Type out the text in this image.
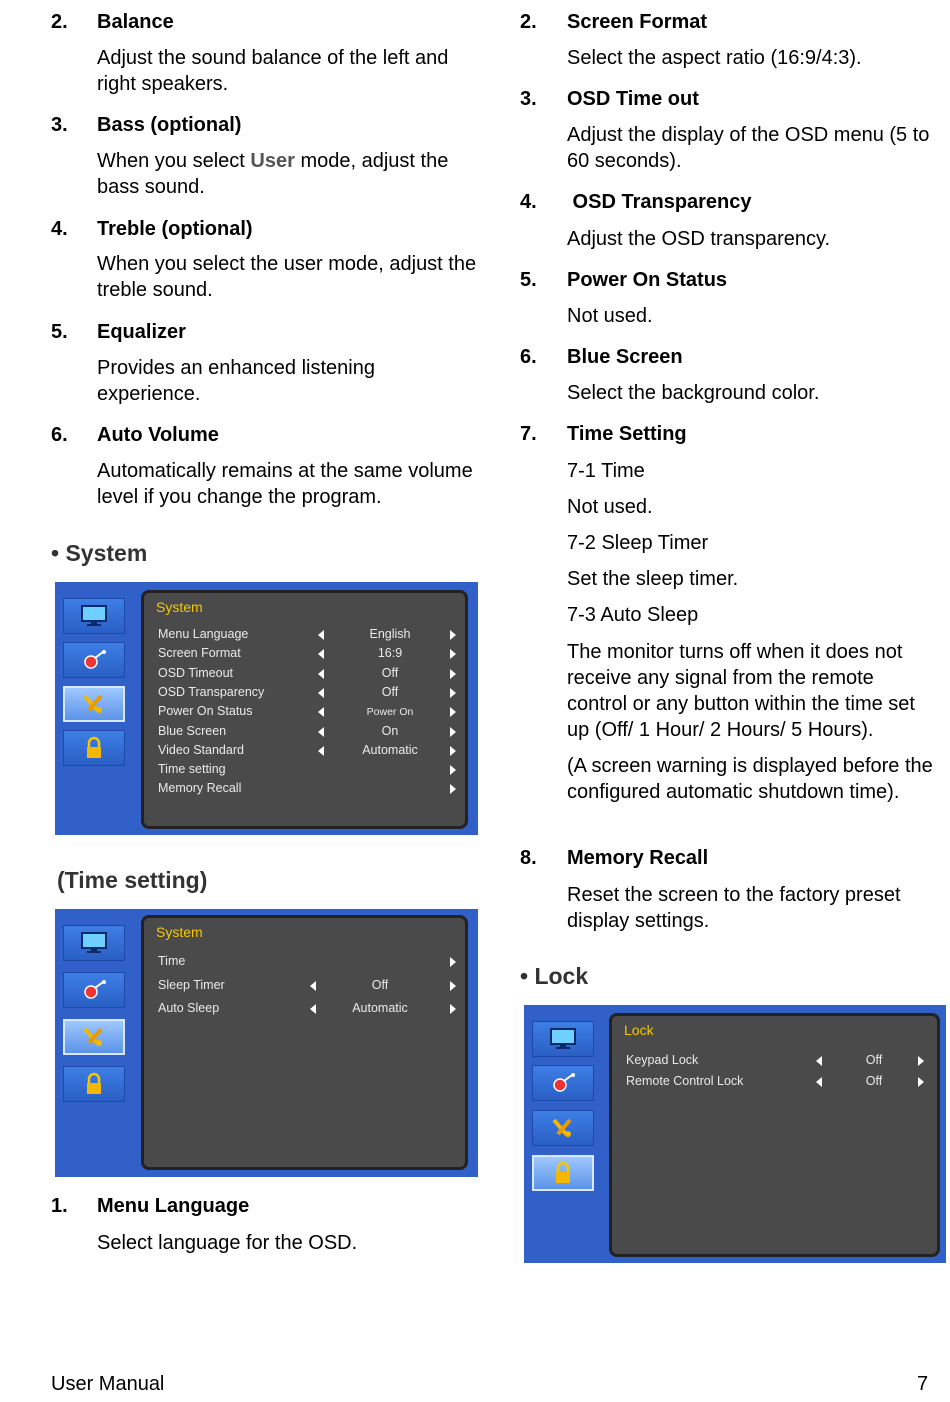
2. Balance
Adjust the sound balance of the left and right speakers.
3. Bass (optional)
When you select User mode, adjust the bass sound.
4. Treble (optional)
When you select the user mode, adjust the treble sound.
5. Equalizer
Provides an enhanced listening experience.
6. Auto Volume
Automatically remains at the same volume level if you change the program.
• System
System
Menu Language	English
Screen Format	16:9
OSD Timeout	Off
OSD Transparency	Off
Power On Status	Power On
Blue Screen	On
Video Standard	Automatic
Time setting
Memory Recall
(Time setting)
System
Time
Sleep Timer	Off
Auto Sleep	Automatic
1. Menu Language
Select language for the OSD.
2. Screen Format
Select the aspect ratio (16:9/4:3).
3. OSD Time out
Adjust the display of the OSD menu (5 to 60 seconds).
4. OSD Transparency
Adjust the OSD transparency.
5. Power On Status
Not used.
6. Blue Screen
Select the background color.
7. Time Setting
7-1 Time
Not used.
7-2 Sleep Timer
Set the sleep timer.
7-3 Auto Sleep
The monitor turns off when it does not receive any signal from the remote control or any button within the time set up (Off/ 1 Hour/ 2 Hours/ 5 Hours).
(A screen warning is displayed before the configured automatic shutdown time).
8. Memory Recall
Reset the screen to the factory preset display settings.
• Lock
Lock
Keypad Lock	Off
Remote Control Lock	Off
User Manual	7
